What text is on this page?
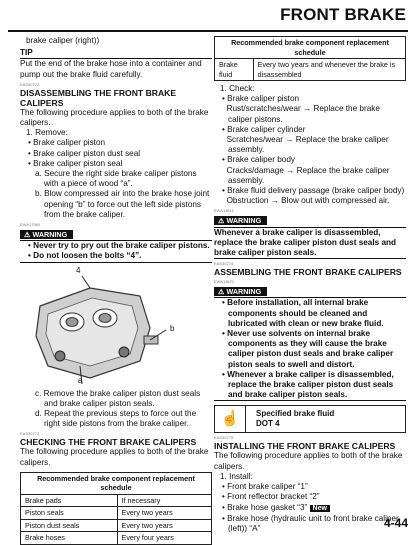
FRONT BRAKE

brake caliper (right))

TIP

Put the end of the brake hose into a container and pump out the brake fluid carefully.

EAS30772

DISASSEMBLING THE FRONT BRAKE CALIPERS

The following procedure applies to both of the brake calipers.

1. Remove:

• Brake caliper piston

• Brake caliper piston dust seal

• Brake caliper piston seal

a. Secure the right side brake caliper pistons with a piece of wood “a”.

b. Blow compressed air into the brake hose joint opening “b” to force out the left side pistons from the brake caliper.

EWA17960

⚠ WARNING

• Never try to pry out the brake caliper pistons.

• Do not loosen the bolts “4”.

4
b
a

c. Remove the brake caliper piston dust seals and brake caliper piston seals.

d. Repeat the previous steps to force out the right side pistons from the brake caliper.

EAS30773

CHECKING THE FRONT BRAKE CALIPERS

The following procedure applies to both of the brake calipers.

Recommended brake component replacement schedule	
Brake pads	If necessary
Piston seals	Every two years
Piston dust seals	Every two years
Brake hoses	Every four years
Recommended brake component replacement schedule
Brake fluid	Every two years and whenever the brake is disassembled

1. Check:

• Brake caliper piston

Rust/scratches/wear → Replace the brake caliper pistons.

• Brake caliper cylinder

Scratches/wear → Replace the brake caliper assembly.

• Brake caliper body

Cracks/damage → Replace the brake caliper assembly.

• Brake fluid delivery passage (brake caliper body)

Obstruction → Blow out with compressed air.

EWA13611

⚠ WARNING

Whenever a brake caliper is disassembled, replace the brake caliper piston dust seals and brake caliper piston seals.

EAS30774

ASSEMBLING THE FRONT BRAKE CALIPERS

EWA13621

⚠ WARNING

• Before installation, all internal brake components should be cleaned and lubricated with clean or new brake fluid.

• Never use solvents on internal brake components as they will cause the brake caliper piston dust seals and brake caliper piston seals to swell and distort.

• Whenever a brake caliper is disassembled, replace the brake caliper piston dust seals and brake caliper piston seals.

☝	Specified brake fluid
DOT 4

EAS30775

INSTALLING THE FRONT BRAKE CALIPERS

The following procedure applies to both of the brake calipers.

1. Install:

• Front brake caliper “1”

• Front reflector bracket “2”

• Brake hose gasket “3” New

• Brake hose (hydraulic unit to front brake caliper (left)) “A”	4-44
